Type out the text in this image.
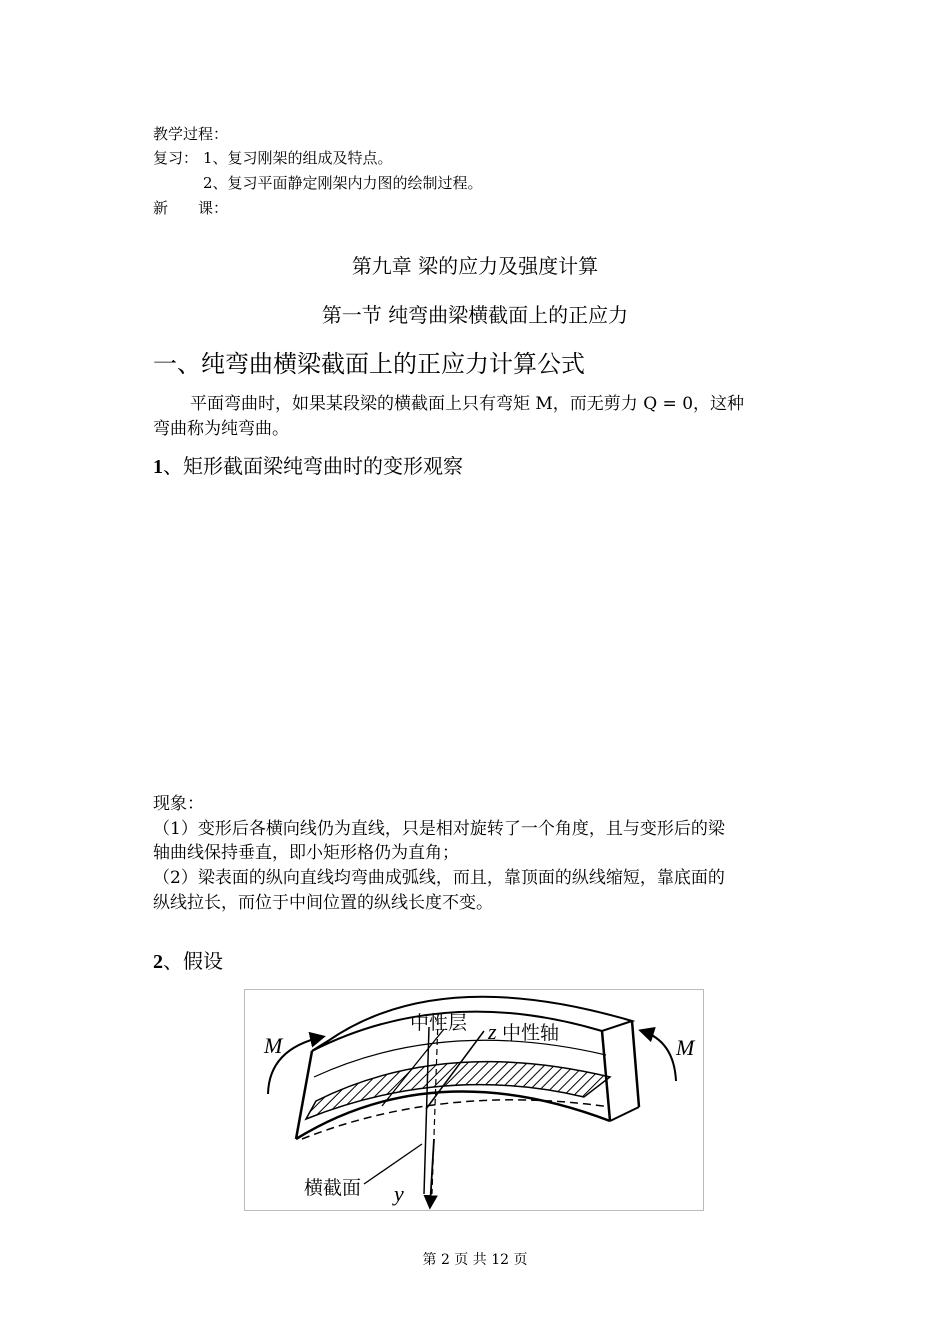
教学过程：
复习： 1、复习刚架的组成及特点。
2、复习平面静定刚架内力图的绘制过程。
新　　课：
第九章 梁的应力及强度计算
第一节 纯弯曲梁横截面上的正应力
一、纯弯曲横梁截面上的正应力计算公式
平面弯曲时，如果某段梁的横截面上只有弯矩 M，而无剪力 Q = 0，这种
弯曲称为纯弯曲。
1、矩形截面梁纯弯曲时的变形观察
现象：
（1）变形后各横向线仍为直线，只是相对旋转了一个角度，且与变形后的梁
轴曲线保持垂直，即小矩形格仍为直角；
（2）梁表面的纵向直线均弯曲成弧线，而且，靠顶面的纵线缩短，靠底面的
纵线拉长，而位于中间位置的纵线长度不变。
2、假设
中性层 z 中性轴
M	M
横截面 y
第 2 页 共 12 页
